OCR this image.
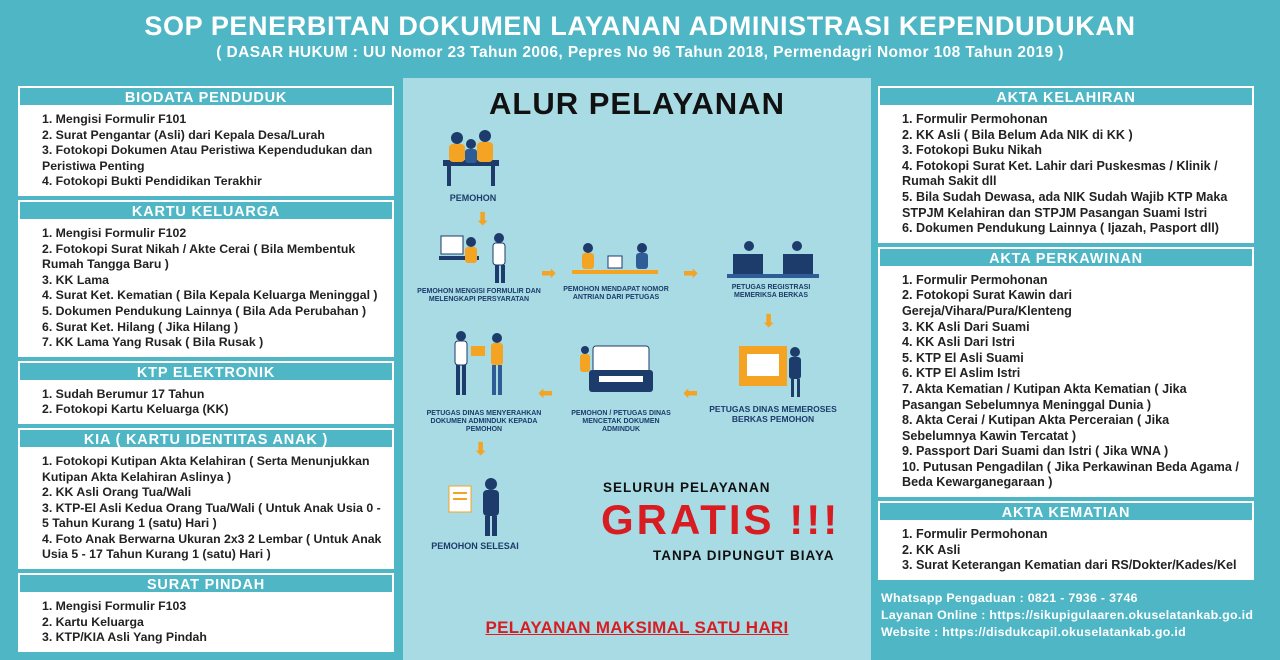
SOP PENERBITAN DOKUMEN LAYANAN ADMINISTRASI KEPENDUDUKAN
( DASAR HUKUM : UU Nomor 23 Tahun 2006, Pepres No 96 Tahun 2018, Permendagri Nomor 108 Tahun 2019 )
BIODATA PENDUDUK
1. Mengisi Formulir F101
2. Surat Pengantar (Asli) dari Kepala Desa/Lurah
3. Fotokopi Dokumen Atau Peristiwa Kependudukan dan Peristiwa Penting
4. Fotokopi Bukti Pendidikan Terakhir
KARTU KELUARGA
1. Mengisi Formulir F102
2. Fotokopi Surat Nikah / Akte Cerai ( Bila Membentuk Rumah Tangga Baru )
3. KK Lama
4. Surat Ket. Kematian ( Bila Kepala Keluarga Meninggal )
5. Dokumen Pendukung Lainnya ( Bila Ada Perubahan )
6. Surat Ket. Hilang ( Jika Hilang )
7. KK Lama Yang Rusak ( Bila Rusak )
KTP ELEKTRONIK
1. Sudah Berumur 17 Tahun
2. Fotokopi Kartu Keluarga (KK)
KIA ( KARTU IDENTITAS ANAK )
1. Fotokopi Kutipan Akta Kelahiran ( Serta Menunjukkan Kutipan Akta Kelahiran Aslinya )
2. KK Asli Orang Tua/Wali
3. KTP-El Asli Kedua Orang Tua/Wali ( Untuk Anak Usia 0 - 5 Tahun Kurang 1 (satu) Hari )
4. Foto Anak Berwarna Ukuran 2x3 2 Lembar ( Untuk Anak Usia 5 - 17 Tahun Kurang 1 (satu) Hari )
SURAT PINDAH
1. Mengisi Formulir F103
2. Kartu Keluarga
3. KTP/KIA Asli Yang Pindah
AKTA KELAHIRAN
1. Formulir Permohonan
2. KK Asli ( Bila Belum Ada NIK di KK )
3. Fotokopi Buku Nikah
4. Fotokopi Surat Ket. Lahir dari Puskesmas / Klinik / Rumah Sakit dll
5. Bila Sudah Dewasa, ada NIK Sudah Wajib KTP Maka STPJM Kelahiran dan STPJM Pasangan Suami Istri
6. Dokumen Pendukung Lainnya ( Ijazah, Pasport dll)
AKTA PERKAWINAN
1. Formulir Permohonan
2. Fotokopi Surat Kawin dari Gereja/Vihara/Pura/Klenteng
3. KK Asli Dari Suami
4. KK Asli Dari Istri
5. KTP El Asli Suami
6. KTP El Aslim Istri
7. Akta Kematian / Kutipan Akta Kematian ( Jika Pasangan Sebelumnya Meninggal Dunia )
8. Akta Cerai / Kutipan Akta Perceraian ( Jika Sebelumnya Kawin Tercatat )
9. Passport Dari Suami dan Istri ( Jika WNA )
10. Putusan Pengadilan ( Jika Perkawinan Beda Agama / Beda Kewarganegaraan )
AKTA KEMATIAN
1. Formulir Permohonan
2. KK Asli
3. Surat Keterangan Kematian dari RS/Dokter/Kades/Kel
ALUR PELAYANAN
PEMOHON
PEMOHON MENGISI FORMULIR DAN MELENGKAPI PERSYARATAN
⬇
➡
PEMOHON MENDAPAT NOMOR ANTRIAN DARI PETUGAS
➡
PETUGAS REGISTRASI MEMERIKSA BERKAS
⬇
PETUGAS DINAS MEMEROSES BERKAS PEMOHON
⬅
PEMOHON / PETUGAS DINAS MENCETAK DOKUMEN ADMINDUK
⬅
PETUGAS DINAS MENYERAHKAN DOKUMEN ADMINDUK KEPADA PEMOHON
⬇
PEMOHON SELESAI
SELURUH PELAYANAN
GRATIS !!!
TANPA DIPUNGUT BIAYA
PELAYANAN MAKSIMAL SATU HARI
Whatsapp Pengaduan : 0821 - 7936 - 3746
Layanan Online : https://sikupigulaaren.okuselatankab.go.id
Website : https://disdukcapil.okuselatankab.go.id
